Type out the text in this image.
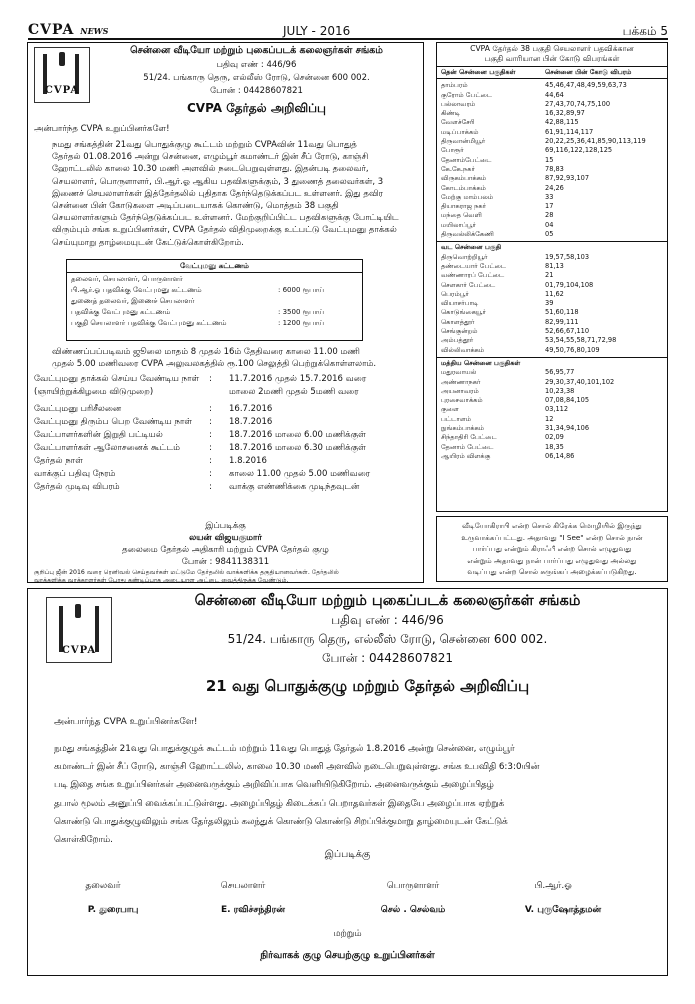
CVPA NEWS	JULY - 2016	பக்கம் 5
CVPA
சென்னை வீடியோ மற்றும் புகைப்படக் கலைஞர்கள் சங்கம்
பதிவு எண் : 446/96
51/24. பங்காரு தெரு, எல்லீஸ் ரோடு, சென்னை 600 002.
போன் : 04428607821
CVPA தேர்தல் அறிவிப்பு
அன்பார்ந்த CVPA உறுப்பினர்களே!
நமது சங்கத்தின் 21வது பொதுக்குழு கூட்டம் மற்றும் CVPAவின் 11வது பொதுத்
தேர்தல் 01.08.2016 அன்று சென்னை, எழும்பூர் கமாண்டர் இன் சீப் ரோடு, காஞ்சி
ஹோட்டலில் காலை 10.30 மணி அளவில் நடைபெறுவுள்ளது. இதன்படி தலைவர்,
செயலாளர், பொருளாளர், பி.ஆர்.ஓ ஆகிய பதவிகளுக்கும், 3 துணைத் தலைவர்கள், 3
இணைச் செயலாளர்கள் இத்தேர்தலில் புதிதாக தேர்ந்தெடுக்கப்பட உள்ளனர். இது தவிர
சென்னை பின் கோடுகளை அடிப்படையாகக் கொண்டு, மொத்தம் 38 பகுதி
செயலாளர்களும் தேர்ந்தெடுக்கப்பட உள்ளனர். மேற்குறிப்பிட்ட பதவிகளுக்கு போட்டியிட
விரும்பும் சங்க உறுப்பினர்கள், CVPA தேர்தல் விதிமுறைக்கு உட்பட்டு வேட்புமனு தாக்கல்
செய்யுமாறு தாழ்மையுடன் கேட்டுக்கொள்கிறோம்.
வேட்புமனு கட்டணம்
தலைவர், செயலாளர், பொருளாளர்
பி.ஆர்.ஓ பதவிக்கு வேட்புமனு கட்டணம்	: 6000 ரூபாய்
துணைத் தலைவர், இணைச் செயலாளர்
பதவிக்கு வேட்புமனு கட்டணம்	: 3500 ரூபாய்
பகுதி செயலாளர் பதவிக்கு வேட்புமனு கட்டணம்	: 1200 ரூபாய்
விண்ணப்பப்படிவம் ஜூலை மாதம் 8 முதல் 16ம் தேதிவரை காலை 11.00 மணி
முதல் 5.00 மணிவரை CVPA அலுவலகத்தில் ரூ.100 செலுத்தி பெற்றுக்கொள்ளலாம்.
வேட்புமனு தாக்கல் செய்ய வேண்டிய நாள்	:	11.7.2016 முதல் 15.7.2016 வரை
(ஞாயிற்றுக்கிழமை விடுமுறை)	மாலை 2மணி முதல் 5மணி வரை
வேட்புமனு பரிசீலனை	:	16.7.2016
வேட்புமனு திரும்ப பெற வேண்டிய நாள்	:	18.7.2016
வேட்பாளர்களின் இறுதி பட்டியல்	:	18.7.2016 மாலை 6.00 மணிக்குள்
வேட்பாளர்கள் ஆலோசனைக் கூட்டம்	:	18.7.2016 மாலை 6.30 மணிக்குள்
தேர்தல் நாள்	:	1.8.2016
வாக்குப் பதிவு நேரம்	:	காலை 11.00 முதல் 5.00 மணிவரை
தேர்தல் முடிவு விபரம்	:	வாக்கு எண்ணிக்கை முடிந்தவுடன்
இப்படிக்கு
லயன் விஜயகுமார்
தலைமை தேர்தல் அதிகாரி மற்றும் CVPA தேர்தல் குழு
போன் : 9841138311
குறிப்பு ஜீன் 2016 வரை ரெனிவல் செய்தவர்கள் மட்டுமே தேர்தலில் வாக்களிக்க தகுதியானவர்கள். தேர்தலில்
வாக்களிக்க வாக்காளர்கள் போது கண்டிப்பாக அடையாள அட்டை வைத்திருக்க வேண்டும்.
CVPA தேர்தல் 38 பகுதி செயலாளர் பதவிக்கான
பகுதி வாரியான பின் கோடு விபரங்கள்
தென் சென்னை பகுதிகள்	சென்னை பின் கோடு விபரம்
தாம்பரம்	45,46,47,48,49,59,63,73
குரோம் பேட்டை	44,64
பல்லாவரம்	27,43,70,74,75,100
கிண்டி	16,32,89,97
வேளச்சேரி	42,88,115
மடிப்பாக்கம்	61,91,114,117
திருவான்மியூர்	20,22,25,36,41,85,90,113,119
போரூர்	69,116,122,128,125
தேனாம்பேட்டை	15
கே.கே.நகர்	78,83
விருகம்பாக்கம்	87,92,93,107
கோடம்பாக்கம்	24,26
மேற்கு மாம்பலம்	33
தியாகராஜ நகர்	17
மந்தை வெளி	28
மயிலாப்பூர்	04
திருவல்லிக்கேணி	05
வட சென்னை பகுதி
திருவொற்றியூர்	19,57,58,103
தண்டையார் பேட்டை	81,13
வண்ணாரப் பேட்டை	21
சௌகார் பேட்டை	01,79,104,108
பெரம்பூர்	11,62
வியாசர்பாடி	39
கொடுங்கையூர்	51,60,118
கொளத்தூர்	82,99,111
செங்குன்றம்	52,66,67,110
அம்பத்தூர்	53,54,55,58,71,72,98
வில்லிவாக்கம்	49,50,76,80,109
மத்திய சென்னை பகுதிகள்
மதுரவாயல்	56,95,77
அண்ணாநகர்	29,30,37,40,101,102
அயனாவரம்	10,23,38
புரசைவாக்கம்	07,08,84,105
குளை	03,112
பட்டாளம்	12
நுங்கம்பாக்கம்	31,34,94,106
சிந்தாதிரி பேட்டை	02,09
தேனாம் பேட்டை	18,35
ஆயிரம் விளக்கு	06,14,86
வீடியோகிராபி என்ற சொல் கிரேக்க மொழியில் இருந்து
உருவாக்கப்பட்டது. அதாவது "I See" என்ற சொல் நான்
பார்ப்பது என்றும் கிராஃபீ என்ற சொல் எழுதுவது
என்றும் அதாவது நான் பார்ப்பது எழுதுவது அல்லது
வடிப்பது என்ற சொல் சுருங்கப் அழைக்கப்படுகிறது.
CVPA
சென்னை வீடியோ மற்றும் புகைப்படக் கலைஞர்கள் சங்கம்
பதிவு எண் : 446/96
51/24. பங்காரு தெரு, எல்லீஸ் ரோடு, சென்னை 600 002.
போன் : 04428607821
21 வது பொதுக்குழு மற்றும் தேர்தல் அறிவிப்பு
அன்பார்ந்த CVPA உறுப்பினர்களே!
நமது சங்கத்தின் 21வது பொதுக்குழுக் கூட்டம் மற்றும் 11வது பொதுத் தேர்தல் 1.8.2016 அன்று சென்னை, எழும்பூர்
கமாண்டர் இன் சீப் ரோடு, காஞ்சி ஹோட்டலில், காலை 10.30 மணி அளவில் நடைபெறுவுள்ளது. சங்க உபவிதி 6:3:0யின்
படி இதை சங்க உறுப்பினர்கள் அனைவருக்கும் அறிவிப்பாக வெளியிடுகிறோம். அனைவருக்கும் அழைப்பிதழ்
தபால் மூலம் அனுப்பி வைக்கப்பட்டுள்ளது. அழைப்பிதழ் கிடைக்கப் பெறாதவர்கள் இதையே அழைப்பாக ஏற்றுக்
கொண்டு பொதுக்குழுவிலும் சங்க தேர்தலிலும் கலந்துக் கொண்டு கொண்டு சிறப்பிக்குமாறு தாழ்மையுடன் கேட்டுக்
கொள்கிறோம்.
இப்படிக்கு
தலைவர்	செயலாளர்	பொருளாளர்	பி.ஆர்.ஓ
P. துரைபாபு	E. ரவிச்சந்திரன்	செல் . செல்வம்	V. புருஷோத்தமன்
மற்றும்
நிர்வாகக் குழு செயற்குழு உறுப்பினர்கள்
